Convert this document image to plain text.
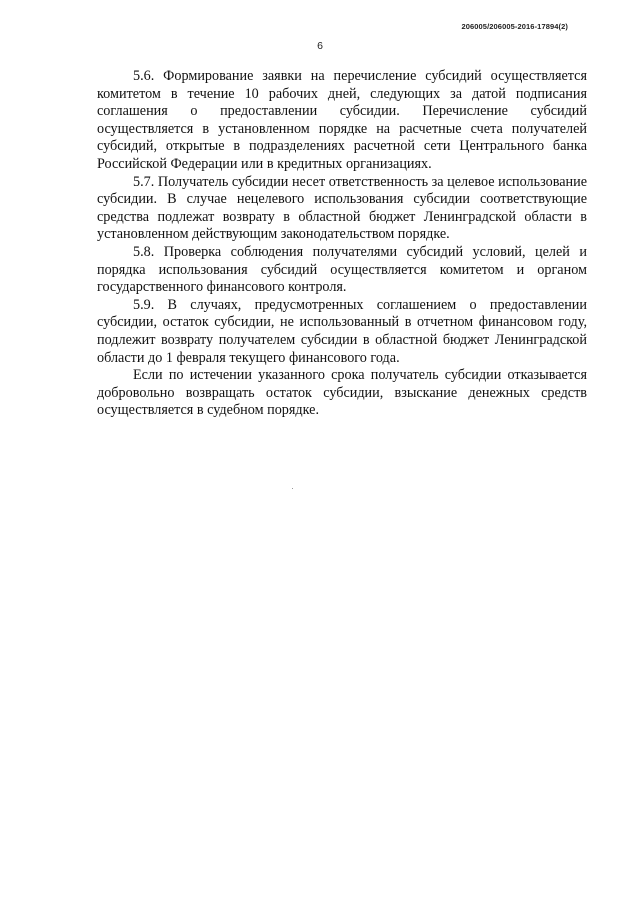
206005/206005-2016-17894(2)
6

5.6. Формирование заявки на перечисление субсидий осуществляется комитетом в течение 10 рабочих дней, следующих за датой подписания соглашения о предоставлении субсидии. Перечисление субсидий осуществляется в установленном порядке на расчетные счета получателей субсидий, открытые в подразделениях расчетной сети Центрального банка Российской Федерации или в кредитных организациях.

5.7. Получатель субсидии несет ответственность за целевое использование субсидии. В случае нецелевого использования субсидии соответствующие средства подлежат возврату в областной бюджет Ленинградской области в установленном действующим законодательством порядке.

5.8. Проверка соблюдения получателями субсидий условий, целей и порядка использования субсидий осуществляется комитетом и органом государственного финансового контроля.

5.9. В случаях, предусмотренных соглашением о предоставлении субсидии, остаток субсидии, не использованный в отчетном финансовом году, подлежит возврату получателем субсидии в областной бюджет Ленинградской области до 1 февраля текущего финансового года.

Если по истечении указанного срока получатель субсидии отказывается добровольно возвращать остаток субсидии, взыскание денежных средств осуществляется в судебном порядке.
